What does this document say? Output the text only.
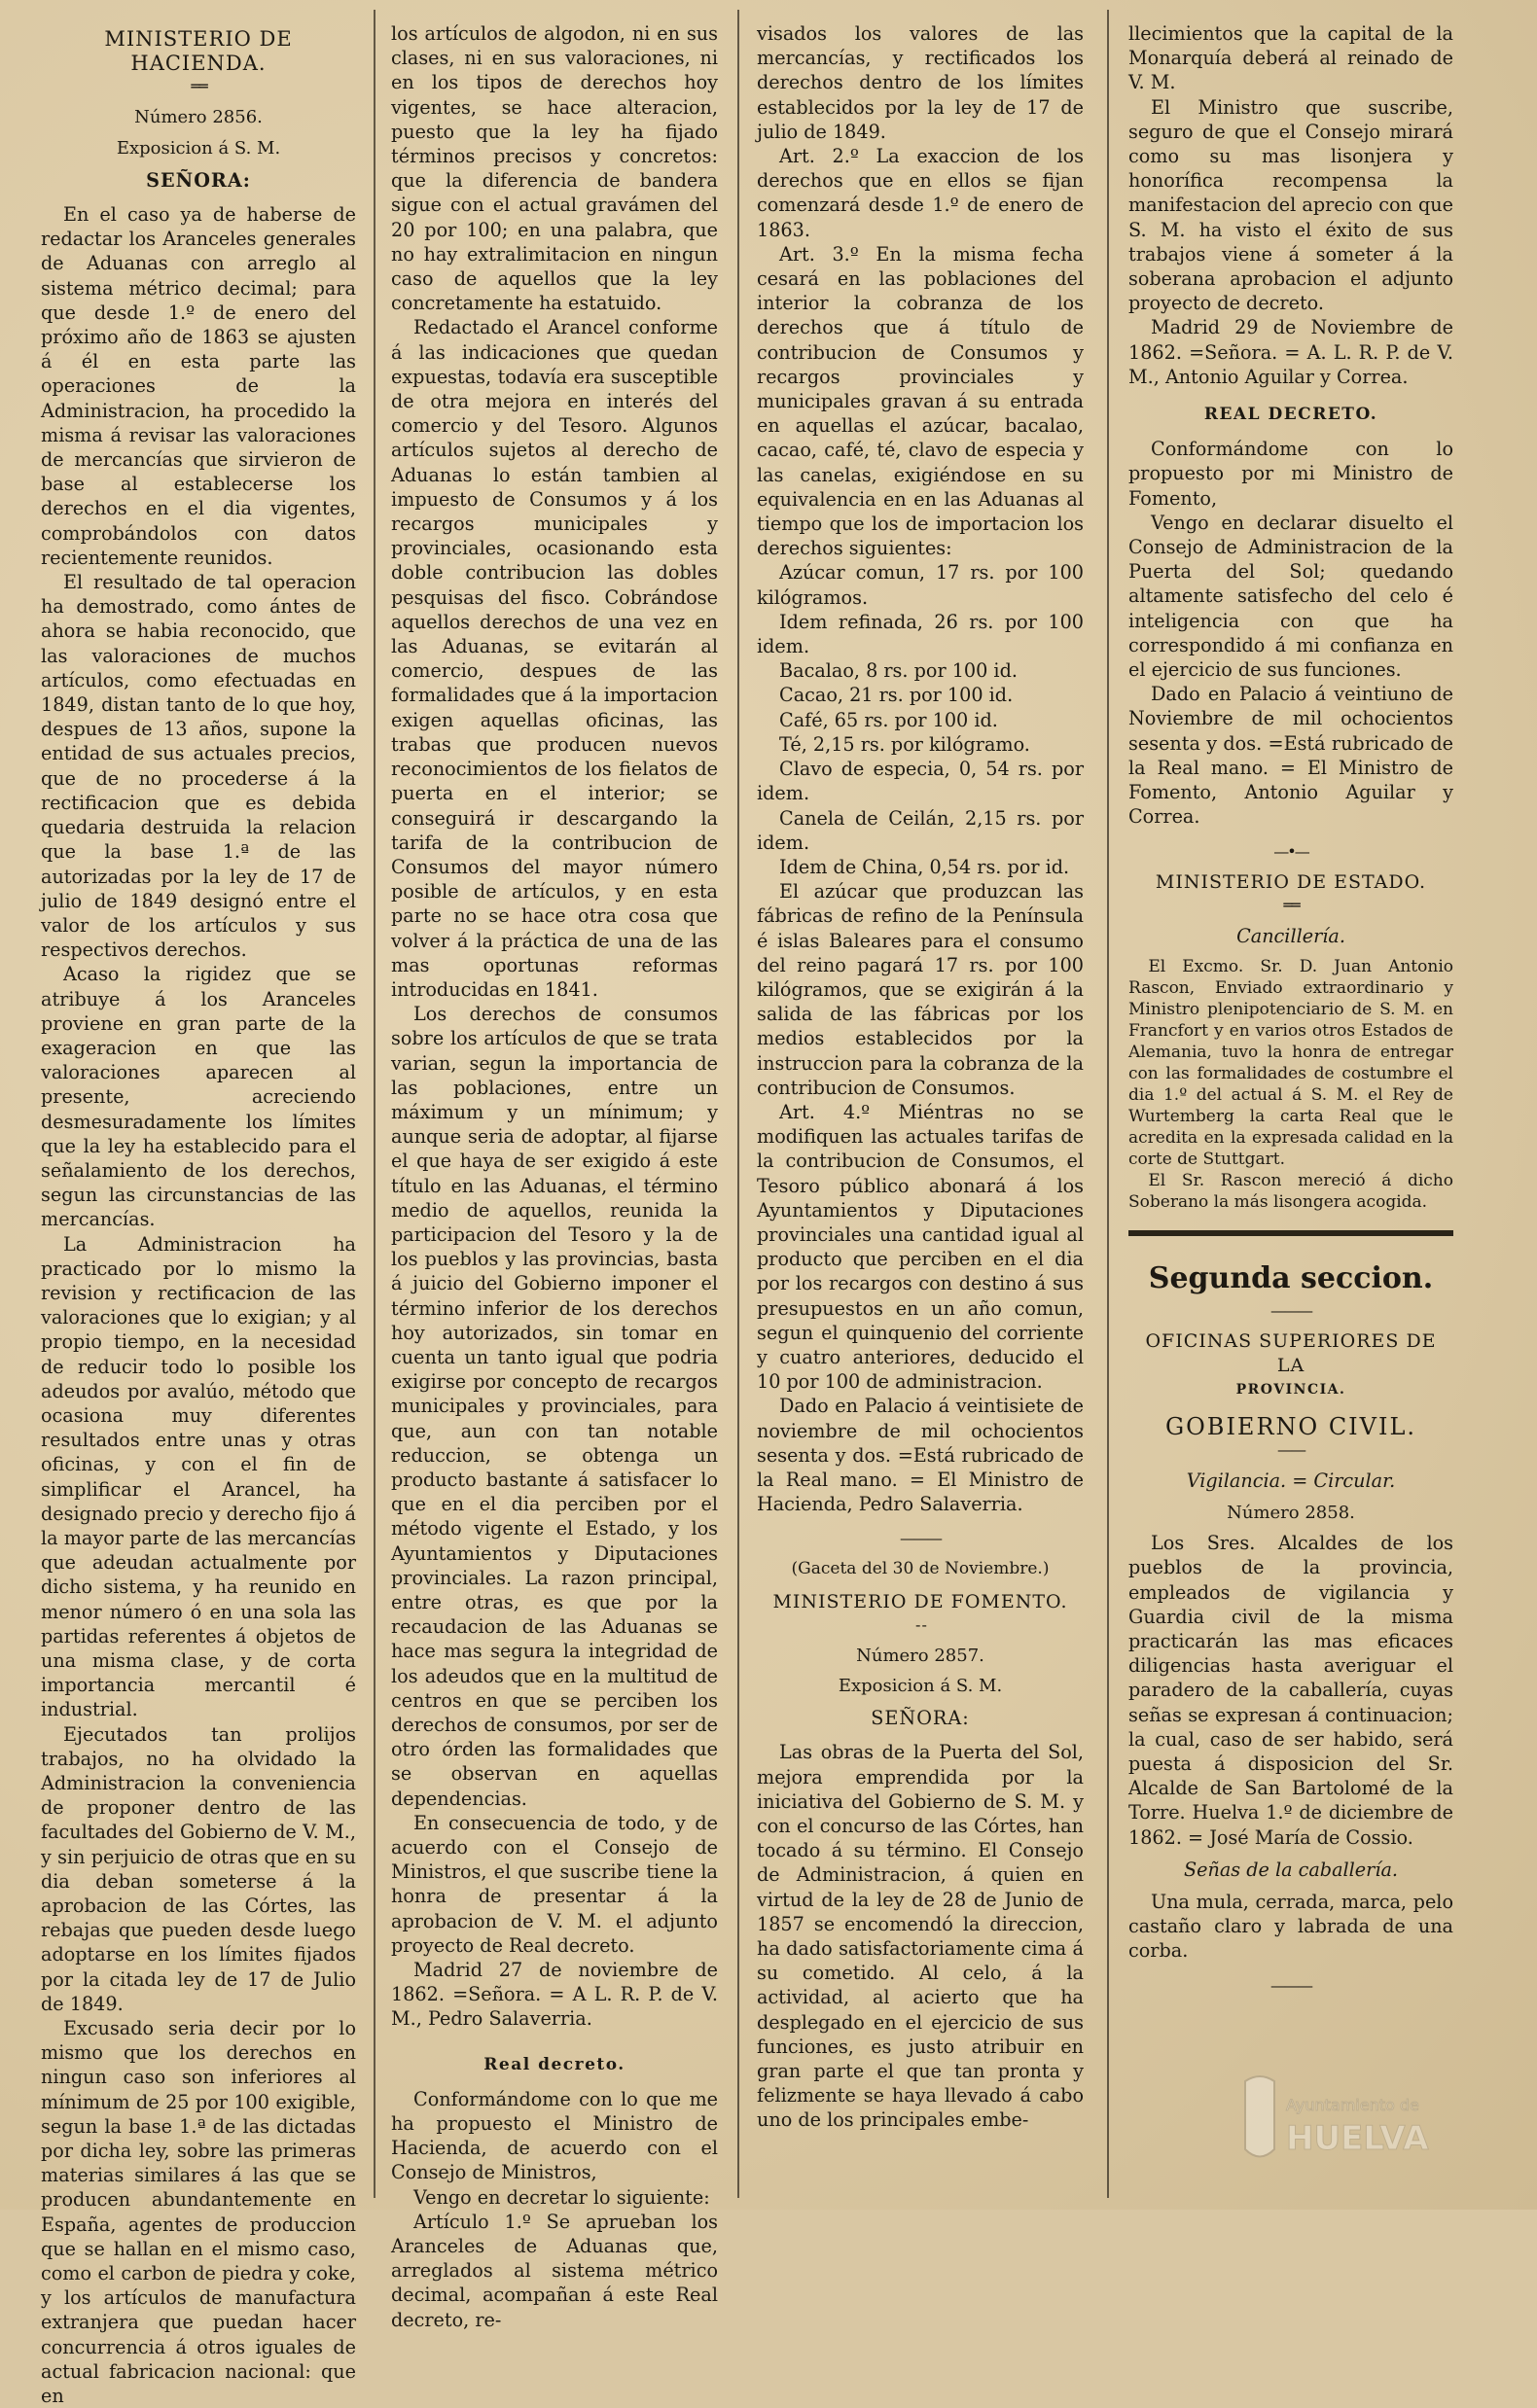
MINISTERIO DE HACIENDA.
══
Número 2856.
Exposicion á S. M.
SEÑORA:

En el caso ya de haberse de redactar los Aranceles generales de Aduanas con arreglo al sistema métrico decimal; para que desde 1.º de enero del próximo año de 1863 se ajusten á él en esta parte las operaciones de la Administracion, ha procedido la misma á revisar las valoraciones de mercancías que sirvieron de base al establecerse los derechos en el dia vigentes, comprobándolos con datos recientemente reunidos.

El resultado de tal operacion ha demostrado, como ántes de ahora se habia reconocido, que las valoraciones de muchos artículos, como efectuadas en 1849, distan tanto de lo que hoy, despues de 13 años, supone la entidad de sus actuales precios, que de no procederse á la rectificacion que es debida quedaria destruida la relacion que la base 1.ª de las autorizadas por la ley de 17 de julio de 1849 designó entre el valor de los artículos y sus respectivos derechos.

Acaso la rigidez que se atribuye á los Aranceles proviene en gran parte de la exageracion en que las valoraciones aparecen al presente, acreciendo desmesuradamente los límites que la ley ha establecido para el señalamiento de los derechos, segun las circunstancias de las mercancías.

La Administracion ha practicado por lo mismo la revision y rectificacion de las valoraciones que lo exigian; y al propio tiempo, en la necesidad de reducir todo lo posible los adeudos por avalúo, método que ocasiona muy diferentes resultados entre unas y otras oficinas, y con el fin de simplificar el Arancel, ha designado precio y derecho fijo á la mayor parte de las mercancías que adeudan actualmente por dicho sistema, y ha reunido en menor número ó en una sola las partidas referentes á objetos de una misma clase, y de corta importancia mercantil é industrial.

Ejecutados tan prolijos trabajos, no ha olvidado la Administracion la conveniencia de proponer dentro de las facultades del Gobierno de V. M., y sin perjuicio de otras que en su dia deban someterse á la aprobacion de las Córtes, las rebajas que pueden desde luego adoptarse en los límites fijados por la citada ley de 17 de Julio de 1849.

Excusado seria decir por lo mismo que los derechos en ningun caso son inferiores al mínimum de 25 por 100 exigible, segun la base 1.ª de las dictadas por dicha ley, sobre las primeras materias similares á las que se producen abundantemente en España, agentes de produccion que se hallan en el mismo caso, como el carbon de piedra y coke, y los artículos de manufactura extranjera que puedan hacer concurrencia á otros iguales de actual fabricacion nacional: que en

los artículos de algodon, ni en sus clases, ni en sus valoraciones, ni en los tipos de derechos hoy vigentes, se hace alteracion, puesto que la ley ha fijado términos precisos y concretos: que la diferencia de bandera sigue con el actual gravámen del 20 por 100; en una palabra, que no hay extralimitacion en ningun caso de aquellos que la ley concretamente ha estatuido.

Redactado el Arancel conforme á las indicaciones que quedan expuestas, todavía era susceptible de otra mejora en interés del comercio y del Tesoro. Algunos artículos sujetos al derecho de Aduanas lo están tambien al impuesto de Consumos y á los recargos municipales y provinciales, ocasionando esta doble contribucion las dobles pesquisas del fisco. Cobrándose aquellos derechos de una vez en las Aduanas, se evitarán al comercio, despues de las formalidades que á la importacion exigen aquellas oficinas, las trabas que producen nuevos reconocimientos de los fielatos de puerta en el interior; se conseguirá ir descargando la tarifa de la contribucion de Consumos del mayor número posible de artículos, y en esta parte no se hace otra cosa que volver á la práctica de una de las mas oportunas reformas introducidas en 1841.

Los derechos de consumos sobre los artículos de que se trata varian, segun la importancia de las poblaciones, entre un máximum y un mínimum; y aunque seria de adoptar, al fijarse el que haya de ser exigido á este título en las Aduanas, el término medio de aquellos, reunida la participacion del Tesoro y la de los pueblos y las provincias, basta á juicio del Gobierno imponer el término inferior de los derechos hoy autorizados, sin tomar en cuenta un tanto igual que podria exigirse por concepto de recargos municipales y provinciales, para que, aun con tan notable reduccion, se obtenga un producto bastante á satisfacer lo que en el dia perciben por el método vigente el Estado, y los Ayuntamientos y Diputaciones provinciales. La razon principal, entre otras, es que por la recaudacion de las Aduanas se hace mas segura la integridad de los adeudos que en la multitud de centros en que se perciben los derechos de consumos, por ser de otro órden las formalidades que se observan en aquellas dependencias.

En consecuencia de todo, y de acuerdo con el Consejo de Ministros, el que suscribe tiene la honra de presentar á la aprobacion de V. M. el adjunto proyecto de Real decreto.

Madrid 27 de noviembre de 1862. =Señora. = A L. R. P. de V. M., Pedro Salaverria.

Real decreto.

Conformándome con lo que me ha propuesto el Ministro de Hacienda, de acuerdo con el Consejo de Ministros,

Vengo en decretar lo siguiente:

Artículo 1.º Se aprueban los Aranceles de Aduanas que, arreglados al sistema métrico decimal, acompañan á este Real decreto, re-

visados los valores de las mercancías, y rectificados los derechos dentro de los límites establecidos por la ley de 17 de julio de 1849.

Art. 2.º La exaccion de los derechos que en ellos se fijan comenzará desde 1.º de enero de 1863.

Art. 3.º En la misma fecha cesará en las poblaciones del interior la cobranza de los derechos que á título de contribucion de Consumos y recargos provinciales y municipales gravan á su entrada en aquellas el azúcar, bacalao, cacao, café, té, clavo de especia y las canelas, exigiéndose en su equivalencia en en las Aduanas al tiempo que los de importacion los derechos siguientes:

Azúcar comun, 17 rs. por 100 kilógramos.

Idem refinada, 26 rs. por 100 idem.

Bacalao, 8 rs. por 100 id.

Cacao, 21 rs. por 100 id.

Café, 65 rs. por 100 id.

Té, 2,15 rs. por kilógramo.

Clavo de especia, 0, 54 rs. por idem.

Canela de Ceilán, 2,15 rs. por idem.

Idem de China, 0,54 rs. por id.

El azúcar que produzcan las fábricas de refino de la Península é islas Baleares para el consumo del reino pagará 17 rs. por 100 kilógramos, que se exigirán á la salida de las fábricas por los medios establecidos por la instruccion para la cobranza de la contribucion de Consumos.

Art. 4.º Miéntras no se modifiquen las actuales tarifas de la contribucion de Consumos, el Tesoro público abonará á los Ayuntamientos y Diputaciones provinciales una cantidad igual al producto que perciben en el dia por los recargos con destino á sus presupuestos en un año comun, segun el quinquenio del corriente y cuatro anteriores, deducido el 10 por 100 de administracion.

Dado en Palacio á veintisiete de noviembre de mil ochocientos sesenta y dos. =Está rubricado de la Real mano. = El Ministro de Hacienda, Pedro Salaverria.

———
(Gaceta del 30 de Noviembre.)
MINISTERIO DE FOMENTO.
- -
Número 2857.
Exposicion á S. M.
SEÑORA:

Las obras de la Puerta del Sol, mejora emprendida por la iniciativa del Gobierno de S. M. y con el concurso de las Córtes, han tocado á su término. El Consejo de Administracion, á quien en virtud de la ley de 28 de Junio de 1857 se encomendó la direccion, ha dado satisfactoriamente cima á su cometido. Al celo, á la actividad, al acierto que ha desplegado en el ejercicio de sus funciones, es justo atribuir en gran parte el que tan pronta y felizmente se haya llevado á cabo uno de los principales embe-

llecimientos que la capital de la Monarquía deberá al reinado de V. M.

El Ministro que suscribe, seguro de que el Consejo mirará como su mas lisonjera y honorífica recompensa la manifestacion del aprecio con que S. M. ha visto el éxito de sus trabajos viene á someter á la soberana aprobacion el adjunto proyecto de decreto.

Madrid 29 de Noviembre de 1862. =Señora. = A. L. R. P. de V. M., Antonio Aguilar y Correa.

REAL DECRETO.

Conformándome con lo propuesto por mi Ministro de Fomento,

Vengo en declarar disuelto el Consejo de Administracion de la Puerta del Sol; quedando altamente satisfecho del celo é inteligencia con que ha correspondido á mi confianza en el ejercicio de sus funciones.

Dado en Palacio á veintiuno de Noviembre de mil ochocientos sesenta y dos. =Está rubricado de la Real mano. = El Ministro de Fomento, Antonio Aguilar y Correa.

—•—
MINISTERIO DE ESTADO.
══
Cancillería.

El Excmo. Sr. D. Juan Antonio Rascon, Enviado extraordinario y Ministro plenipotenciario de S. M. en Francfort y en varios otros Estados de Alemania, tuvo la honra de entregar con las formalidades de costumbre el dia 1.º del actual á S. M. el Rey de Wurtemberg la carta Real que le acredita en la expresada calidad en la corte de Stuttgart.

El Sr. Rascon mereció á dicho Soberano la más lisongera acogida.

Segunda seccion.
———
OFICINAS SUPERIORES DE LA
PROVINCIA.
GOBIERNO CIVIL.
——
Vigilancia. = Circular.
Número 2858.

Los Sres. Alcaldes de los pueblos de la provincia, empleados de vigilancia y Guardia civil de la misma practicarán las mas eficaces diligencias hasta averiguar el paradero de la caballería, cuyas señas se expresan á continuacion; la cual, caso de ser habido, será puesta á disposicion del Sr. Alcalde de San Bartolomé de la Torre. Huelva 1.º de diciembre de 1862. = José María de Cossio.

Señas de la caballería.

Una mula, cerrada, marca, pelo castaño claro y labrada de una corba.

———
Ayuntamiento de
HUELVA
